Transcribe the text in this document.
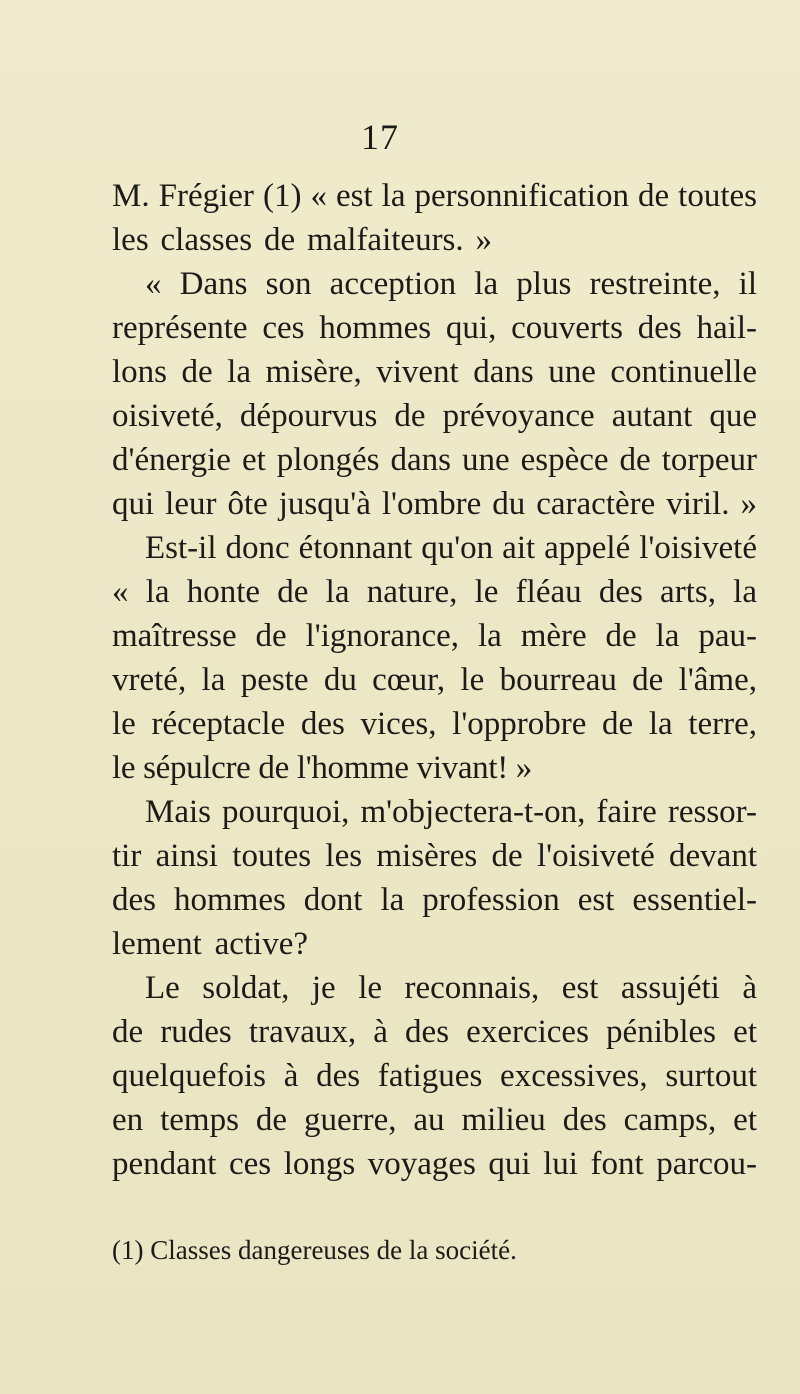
17
M. Frégier (1) « est la personnification de toutes
les classes de malfaiteurs. »
« Dans son acception la plus restreinte, il
représente ces hommes qui, couverts des hail-
lons de la misère, vivent dans une continuelle
oisiveté, dépourvus de prévoyance autant que
d'énergie et plongés dans une espèce de torpeur
qui leur ôte jusqu'à l'ombre du caractère viril. »
Est-il donc étonnant qu'on ait appelé l'oisiveté
« la honte de la nature, le fléau des arts, la
maîtresse de l'ignorance, la mère de la pau-
vreté, la peste du cœur, le bourreau de l'âme,
le réceptacle des vices, l'opprobre de la terre,
le sépulcre de l'homme vivant! »
Mais pourquoi, m'objectera-t-on, faire ressor-
tir ainsi toutes les misères de l'oisiveté devant
des hommes dont la profession est essentiel-
lement active?
Le soldat, je le reconnais, est assujéti à
de rudes travaux, à des exercices pénibles et
quelquefois à des fatigues excessives, surtout
en temps de guerre, au milieu des camps, et
pendant ces longs voyages qui lui font parcou-
(1) Classes dangereuses de la société.
